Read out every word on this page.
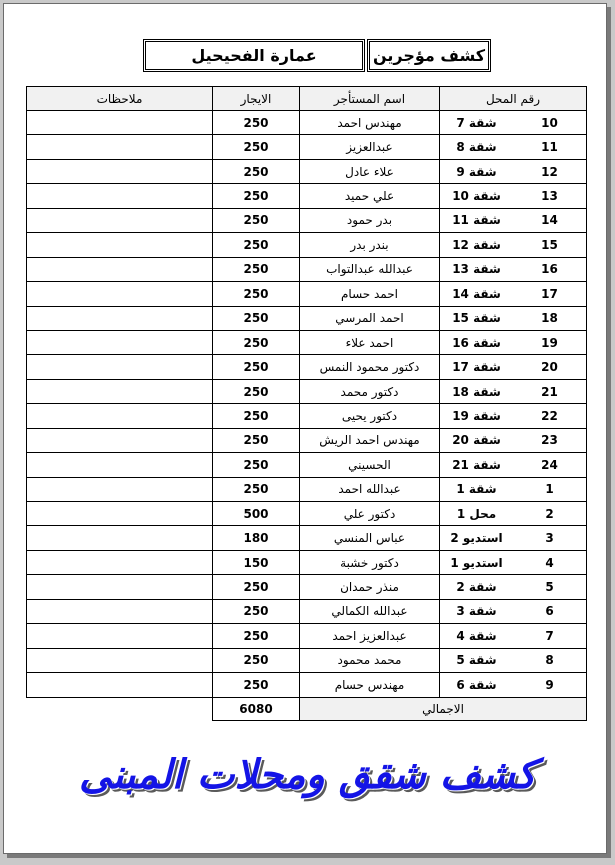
كشف مؤجرين
عمارة الفحيحيل
ملاحظات	الايجار	اسم المستأجر	رقم المحل	
	250	مهندس احمد	شقة 7	10
	250	عبدالعزيز	شقة 8	11
	250	علاء عادل	شقة 9	12
	250	علي حميد	شقة 10	13
	250	بدر حمود	شقة 11	14
	250	بندر بدر	شقة 12	15
	250	عبدالله عبدالتواب	شقة 13	16
	250	احمد حسام	شقة 14	17
	250	احمد المرسي	شقة 15	18
	250	احمد علاء	شقة 16	19
	250	دكتور محمود النمس	شقة 17	20
	250	دكتور محمد	شقة 18	21
	250	دكتور يحيى	شقة 19	22
	250	مهندس احمد الريش	شقة 20	23
	250	الحسيني	شقة 21	24
	250	عبدالله احمد	شقة 1	1
	500	دكتور علي	محل 1	2
	180	عباس المنسي	استديو 2	3
	150	دكتور خشبة	استديو 1	4
	250	منذر حمدان	شقة 2	5
	250	عبدالله الكمالي	شقة 3	6
	250	عبدالعزيز احمد	شقة 4	7
	250	محمد محمود	شقة 5	8
	250	مهندس حسام	شقة 6	9
	6080	الاجمالي		
كشف شقق ومحلات المبنى
